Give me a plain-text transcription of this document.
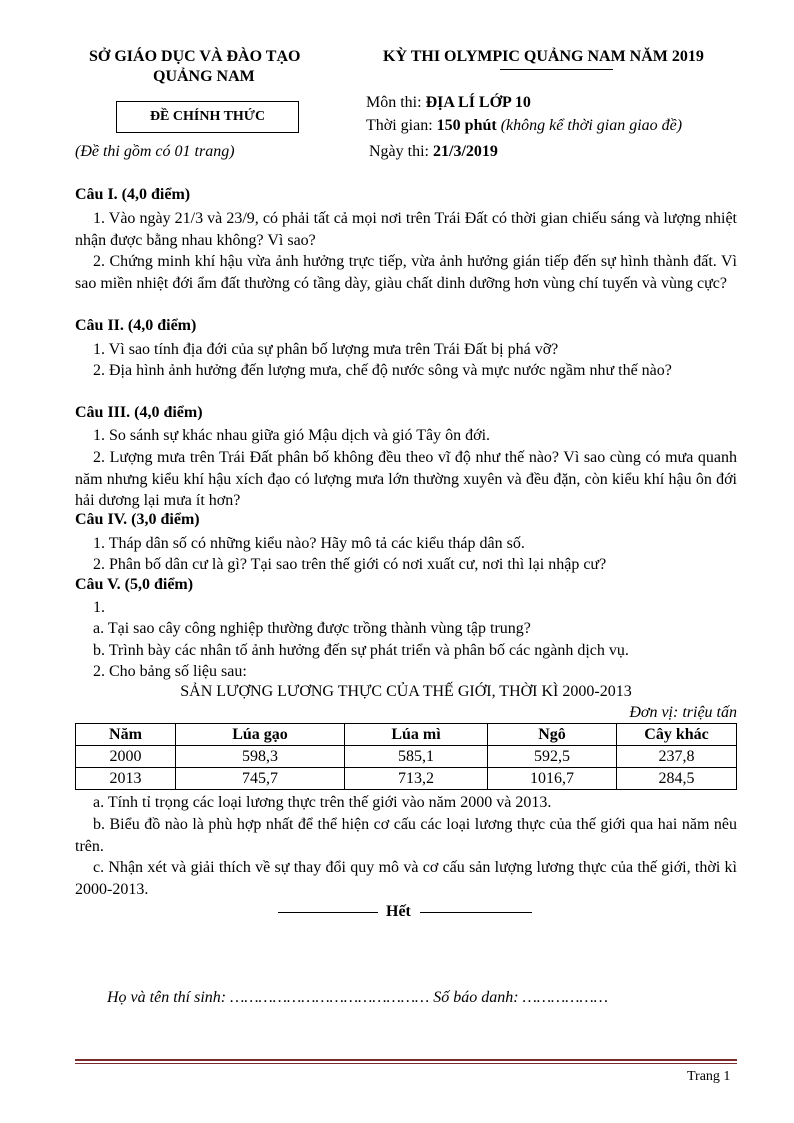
SỞ GIÁO DỤC VÀ ĐÀO TẠO
QUẢNG NAM
KỲ THI OLYMPIC QUẢNG NAM NĂM 2019
ĐỀ CHÍNH THỨC
Môn thi: ĐỊA LÍ LỚP 10
Thời gian: 150 phút (không kể thời gian giao đề)
(Đề thi gồm có 01 trang)	Ngày thi: 21/3/2019
Câu I. (4,0 điểm)
1. Vào ngày 21/3 và 23/9, có phải tất cả mọi nơi trên Trái Đất có thời gian chiếu sáng và lượng nhiệt nhận được bằng nhau không? Vì sao?
2. Chứng minh khí hậu vừa ảnh hưởng trực tiếp, vừa ảnh hưởng gián tiếp đến sự hình thành đất. Vì sao miền nhiệt đới ẩm đất thường có tầng dày, giàu chất dinh dưỡng hơn vùng chí tuyến và vùng cực?
Câu II. (4,0 điểm)
1. Vì sao tính địa đới của sự phân bố lượng mưa trên Trái Đất bị phá vỡ?
2. Địa hình ảnh hưởng đến lượng mưa, chế độ nước sông và mực nước ngầm như thế nào?
Câu III. (4,0 điểm)
1. So sánh sự khác nhau giữa gió Mậu dịch và gió Tây ôn đới.
2. Lượng mưa trên Trái Đất phân bố không đều theo vĩ độ như thế nào? Vì sao cùng có mưa quanh năm nhưng kiểu khí hậu xích đạo có lượng mưa lớn thường xuyên và đều đặn, còn kiểu khí hậu ôn đới hải dương lại mưa ít hơn?
Câu IV. (3,0 điểm)
1. Tháp dân số có những kiểu nào? Hãy mô tả các kiểu tháp dân số.
2. Phân bố dân cư là gì? Tại sao trên thế giới có nơi xuất cư, nơi thì lại nhập cư?
Câu V. (5,0 điểm)
1.
a. Tại sao cây công nghiệp thường được trồng thành vùng tập trung?
b. Trình bày các nhân tố ảnh hưởng đến sự phát triển và phân bố các ngành dịch vụ.
2. Cho bảng số liệu sau:
SẢN LƯỢNG LƯƠNG THỰC CỦA THẾ GIỚI, THỜI KÌ 2000-2013
Đơn vị: triệu tấn
Năm	Lúa gạo	Lúa mì	Ngô	Cây khác
2000	598,3	585,1	592,5	237,8
2013	745,7	713,2	1016,7	284,5
a. Tính tỉ trọng các loại lương thực trên thế giới vào năm 2000 và 2013.
b. Biểu đồ nào là phù hợp nhất để thể hiện cơ cấu các loại lương thực của thế giới qua hai năm nêu trên.
c. Nhận xét và giải thích về sự thay đổi quy mô và cơ cấu sản lượng lương thực của thế giới, thời kì 2000-2013.
Hết
Họ và tên thí sinh: …………………………………… Số báo danh: ………………
Trang 1
